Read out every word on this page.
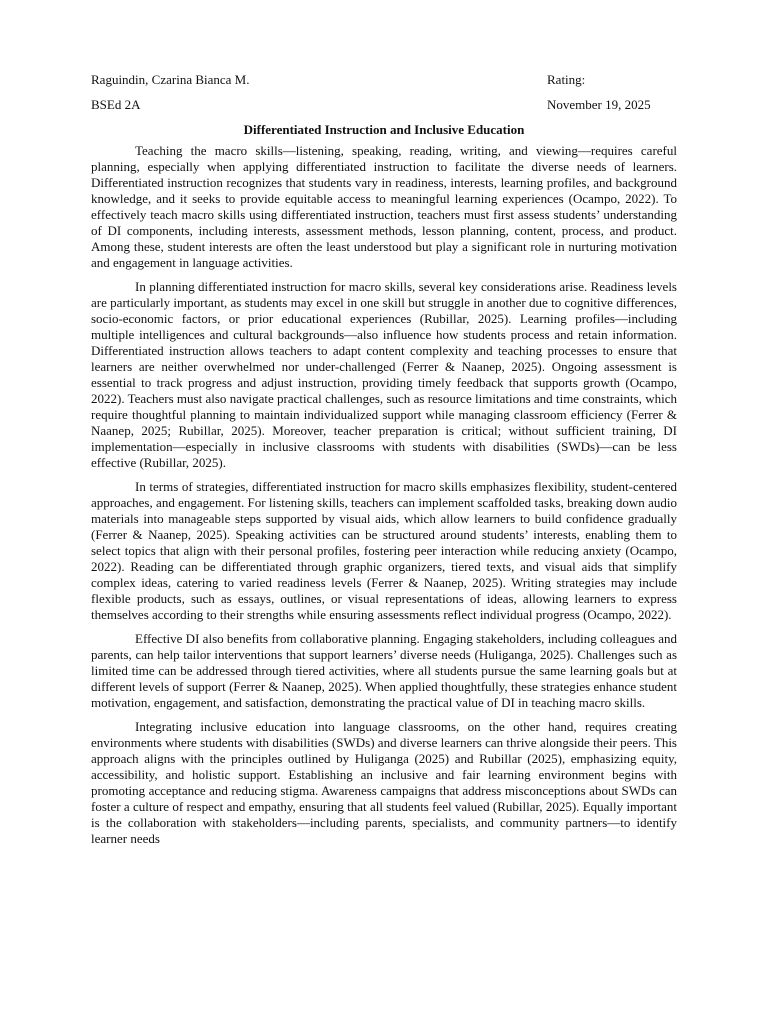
Raguindin, Czarina Bianca M.	Rating:
BSEd 2A	November 19, 2025
Differentiated Instruction and Inclusive Education

Teaching the macro skills—listening, speaking, reading, writing, and viewing—requires careful planning, especially when applying differentiated instruction to facilitate the diverse needs of learners. Differentiated instruction recognizes that students vary in readiness, interests, learning profiles, and background knowledge, and it seeks to provide equitable access to meaningful learning experiences (Ocampo, 2022). To effectively teach macro skills using differentiated instruction, teachers must first assess students’ understanding of DI components, including interests, assessment methods, lesson planning, content, process, and product. Among these, student interests are often the least understood but play a significant role in nurturing motivation and engagement in language activities.

In planning differentiated instruction for macro skills, several key considerations arise. Readiness levels are particularly important, as students may excel in one skill but struggle in another due to cognitive differences, socio-economic factors, or prior educational experiences (Rubillar, 2025). Learning profiles—including multiple intelligences and cultural backgrounds—also influence how students process and retain information. Differentiated instruction allows teachers to adapt content complexity and teaching processes to ensure that learners are neither overwhelmed nor under-challenged (Ferrer & Naanep, 2025). Ongoing assessment is essential to track progress and adjust instruction, providing timely feedback that supports growth (Ocampo, 2022). Teachers must also navigate practical challenges, such as resource limitations and time constraints, which require thoughtful planning to maintain individualized support while managing classroom efficiency (Ferrer & Naanep, 2025; Rubillar, 2025). Moreover, teacher preparation is critical; without sufficient training, DI implementation—especially in inclusive classrooms with students with disabilities (SWDs)—can be less effective (Rubillar, 2025).

In terms of strategies, differentiated instruction for macro skills emphasizes flexibility, student-centered approaches, and engagement. For listening skills, teachers can implement scaffolded tasks, breaking down audio materials into manageable steps supported by visual aids, which allow learners to build confidence gradually (Ferrer & Naanep, 2025). Speaking activities can be structured around students’ interests, enabling them to select topics that align with their personal profiles, fostering peer interaction while reducing anxiety (Ocampo, 2022). Reading can be differentiated through graphic organizers, tiered texts, and visual aids that simplify complex ideas, catering to varied readiness levels (Ferrer & Naanep, 2025). Writing strategies may include flexible products, such as essays, outlines, or visual representations of ideas, allowing learners to express themselves according to their strengths while ensuring assessments reflect individual progress (Ocampo, 2022).

Effective DI also benefits from collaborative planning. Engaging stakeholders, including colleagues and parents, can help tailor interventions that support learners’ diverse needs (Huliganga, 2025). Challenges such as limited time can be addressed through tiered activities, where all students pursue the same learning goals but at different levels of support (Ferrer & Naanep, 2025). When applied thoughtfully, these strategies enhance student motivation, engagement, and satisfaction, demonstrating the practical value of DI in teaching macro skills.

Integrating inclusive education into language classrooms, on the other hand, requires creating environments where students with disabilities (SWDs) and diverse learners can thrive alongside their peers. This approach aligns with the principles outlined by Huliganga (2025) and Rubillar (2025), emphasizing equity, accessibility, and holistic support. Establishing an inclusive and fair learning environment begins with promoting acceptance and reducing stigma. Awareness campaigns that address misconceptions about SWDs can foster a culture of respect and empathy, ensuring that all students feel valued (Rubillar, 2025). Equally important is the collaboration with stakeholders—including parents, specialists, and community partners—to identify learner needs
